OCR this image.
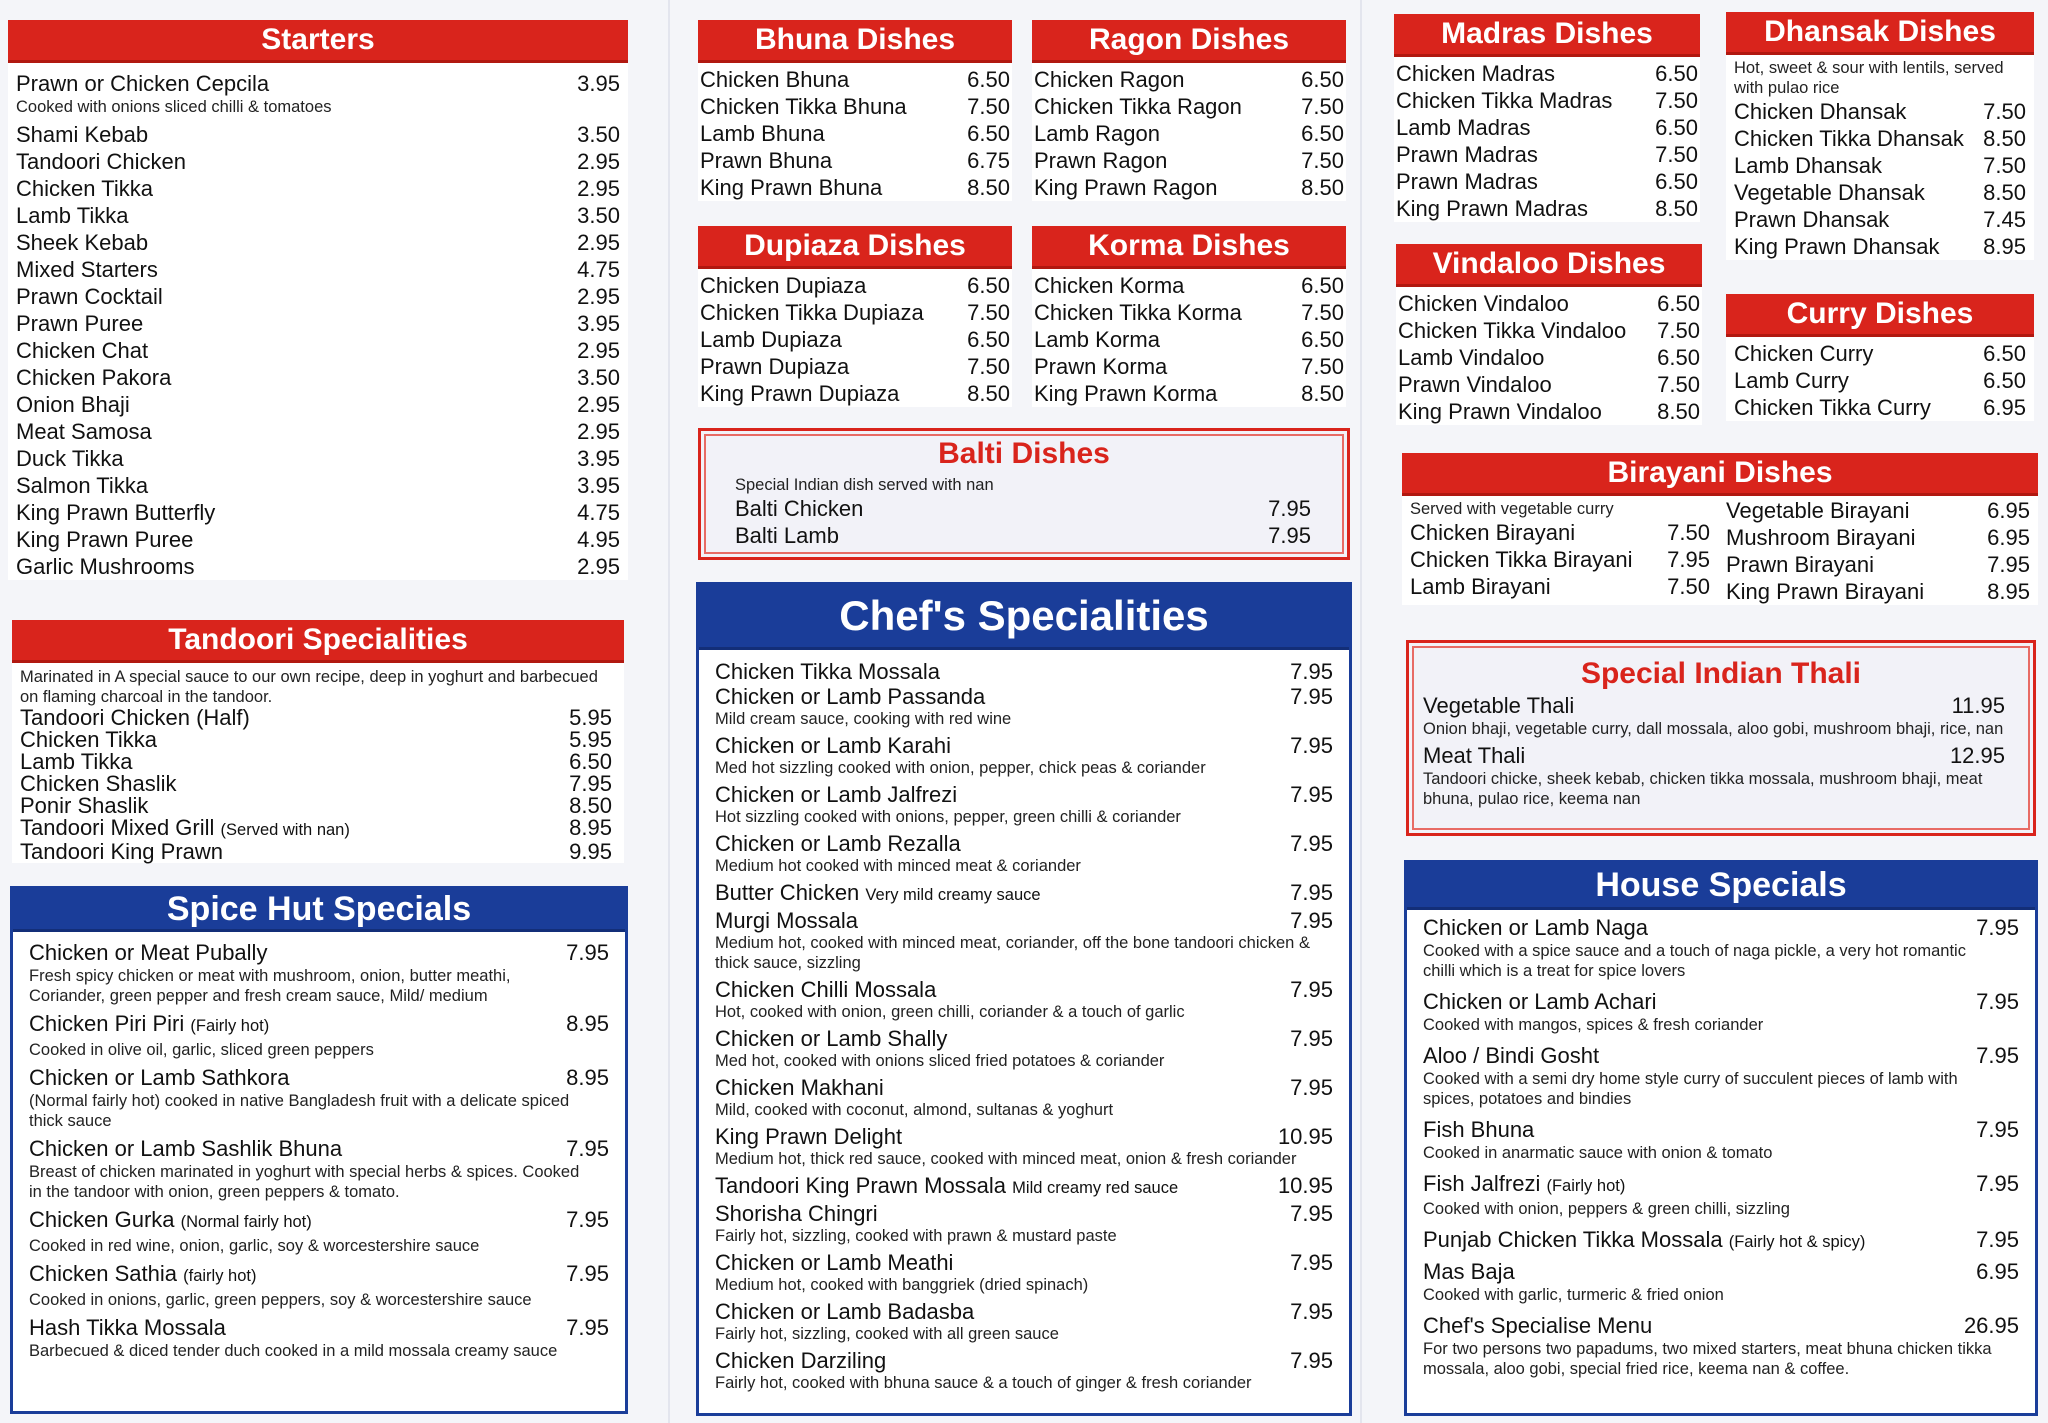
Starters
Prawn or Chicken Cepcila	3.95
Cooked with onions sliced chilli & tomatoes
Shami Kebab	3.50
Tandoori Chicken	2.95
Chicken Tikka	2.95
Lamb Tikka	3.50
Sheek Kebab	2.95
Mixed Starters	4.75
Prawn Cocktail	2.95
Prawn Puree	3.95
Chicken Chat	2.95
Chicken Pakora	3.50
Onion Bhaji	2.95
Meat Samosa	2.95
Duck Tikka	3.95
Salmon Tikka	3.95
King Prawn Butterfly	4.75
King Prawn Puree	4.95
Garlic Mushrooms	2.95
Tandoori Specialities
Marinated in A special sauce to our own recipe, deep in yoghurt and barbecued on flaming charcoal in the tandoor.
Tandoori Chicken (Half)	5.95
Chicken Tikka	5.95
Lamb Tikka	6.50
Chicken Shaslik	7.95
Ponir Shaslik	8.50
Tandoori Mixed Grill (Served with nan)	8.95
Tandoori King Prawn	9.95
Spice Hut Specials
Chicken or Meat Pubally	7.95
Fresh spicy chicken or meat with mushroom, onion, butter meathi, Coriander, green pepper and fresh cream sauce, Mild/ medium
Chicken Piri Piri (Fairly hot)	8.95
Cooked in olive oil, garlic, sliced green peppers
Chicken or Lamb Sathkora	8.95
(Normal fairly hot) cooked in native Bangladesh fruit with a delicate spiced thick sauce
Chicken or Lamb Sashlik Bhuna	7.95
Breast of chicken marinated in yoghurt with special herbs & spices. Cooked in the tandoor with onion, green peppers & tomato.
Chicken Gurka (Normal fairly hot)	7.95
Cooked in red wine, onion, garlic, soy & worcestershire sauce
Chicken Sathia (fairly hot)	7.95
Cooked in onions, garlic, green peppers, soy & worcestershire sauce
Hash Tikka Mossala	7.95
Barbecued & diced tender duch cooked in a mild mossala creamy sauce
Bhuna Dishes
Chicken Bhuna	6.50
Chicken Tikka Bhuna	7.50
Lamb Bhuna	6.50
Prawn Bhuna	6.75
King Prawn Bhuna	8.50
Ragon Dishes
Chicken Ragon	6.50
Chicken Tikka Ragon	7.50
Lamb Ragon	6.50
Prawn Ragon	7.50
King Prawn Ragon	8.50
Dupiaza Dishes
Chicken Dupiaza	6.50
Chicken Tikka Dupiaza 7.50
Lamb Dupiaza	6.50
Prawn Dupiaza	7.50
King Prawn Dupiaza	8.50
Korma Dishes
Chicken Korma	6.50
Chicken Tikka Korma	7.50
Lamb Korma	6.50
Prawn Korma	7.50
King Prawn Korma	8.50
Balti Dishes
Special Indian dish served with nan
Balti Chicken	7.95
Balti Lamb	7.95
Chef's Specialities
Chicken Tikka Mossala	7.95
Chicken or Lamb Passanda	7.95
Mild cream sauce, cooking with red wine
Chicken or Lamb Karahi	7.95
Med hot sizzling cooked with onion, pepper, chick peas & coriander
Chicken or Lamb Jalfrezi	7.95
Hot sizzling cooked with onions, pepper, green chilli & coriander
Chicken or Lamb Rezalla	7.95
Medium hot cooked with minced meat & coriander
Butter Chicken Very mild creamy sauce	7.95
Murgi Mossala	7.95
Medium hot, cooked with minced meat, coriander, off the bone tandoori chicken & thick sauce, sizzling
Chicken Chilli Mossala	7.95
Hot, cooked with onion, green chilli, coriander & a touch of garlic
Chicken or Lamb Shally	7.95
Med hot, cooked with onions sliced fried potatoes & coriander
Chicken Makhani	7.95
Mild, cooked with coconut, almond, sultanas & yoghurt
King Prawn Delight	10.95
Medium hot, thick red sauce, cooked with minced meat, onion & fresh coriander
Tandoori King Prawn Mossala Mild creamy red sauce	10.95
Shorisha Chingri	7.95
Fairly hot, sizzling, cooked with prawn & mustard paste
Chicken or Lamb Meathi	7.95
Medium hot, cooked with banggriek (dried spinach)
Chicken or Lamb Badasba	7.95
Fairly hot, sizzling, cooked with all green sauce
Chicken Darziling	7.95
Fairly hot, cooked with bhuna sauce & a touch of ginger & fresh coriander
Madras Dishes
Chicken Madras	6.50
Chicken Tikka Madras 7.50
Lamb Madras	6.50
Prawn Madras	7.50
Prawn Madras	6.50
King Prawn Madras	8.50
Dhansak Dishes
Hot, sweet & sour with lentils, served with pulao rice
Chicken Dhansak	7.50
Chicken Tikka Dhansak 8.50
Lamb Dhansak	7.50
Vegetable Dhansak	8.50
Prawn Dhansak	7.45
King Prawn Dhansak 8.95
Vindaloo Dishes
Chicken Vindaloo	6.50
Chicken Tikka Vindaloo 7.50
Lamb Vindaloo	6.50
Prawn Vindaloo	7.50
King Prawn Vindaloo	8.50
Curry Dishes
Chicken Curry	6.50
Lamb Curry	6.50
Chicken Tikka Curry 6.95
Birayani Dishes
Served with vegetable curry
Chicken Birayani	7.50
Chicken Tikka Birayani 7.95
Lamb Birayani	7.50
Vegetable Birayani	6.95
Mushroom Birayani	6.95
Prawn Birayani	7.95
King Prawn Birayani	8.95
Special Indian Thali
Vegetable Thali	11.95
Onion bhaji, vegetable curry, dall mossala, aloo gobi, mushroom bhaji, rice, nan
Meat Thali	12.95
Tandoori chicke, sheek kebab, chicken tikka mossala, mushroom bhaji, meat bhuna, pulao rice, keema nan
House Specials
Chicken or Lamb Naga	7.95
Cooked with a spice sauce and a touch of naga pickle, a very hot romantic chilli which is a treat for spice lovers
Chicken or Lamb Achari	7.95
Cooked with mangos, spices & fresh coriander
Aloo / Bindi Gosht	7.95
Cooked with a semi dry home style curry of succulent pieces of lamb with spices, potatoes and bindies
Fish Bhuna	7.95
Cooked in anarmatic sauce with onion & tomato
Fish Jalfrezi (Fairly hot)	7.95
Cooked with onion, peppers & green chilli, sizzling
Punjab Chicken Tikka Mossala (Fairly hot & spicy)	7.95
Mas Baja	6.95
Cooked with garlic, turmeric & fried onion
Chef's Specialise Menu	26.95
For two persons two papadums, two mixed starters, meat bhuna chicken tikka mossala, aloo gobi, special fried rice, keema nan & coffee.
